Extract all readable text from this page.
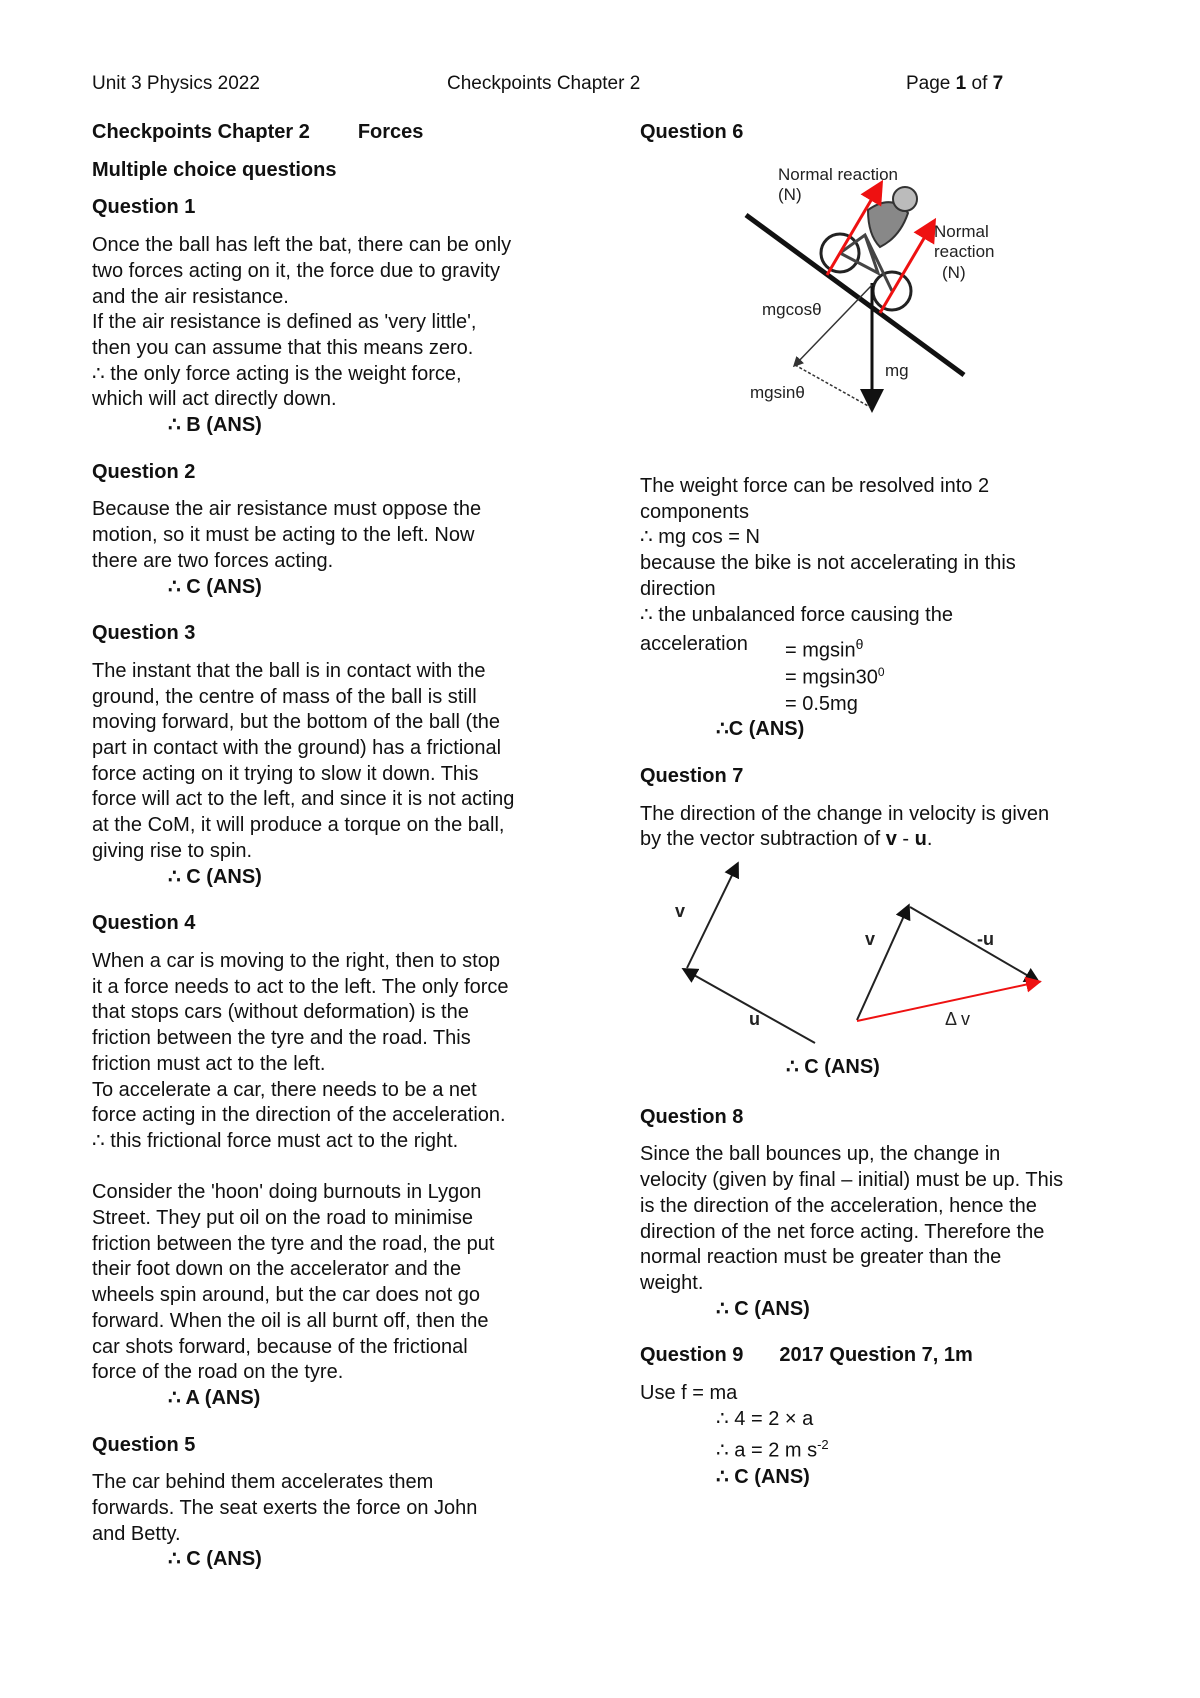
Unit 3 Physics 2022	Checkpoints Chapter 2	Page 1 of 7

Checkpoints Chapter 2 Forces

Multiple choice questions

Question 1

Once the ball has left the bat, there can be only

two forces acting on it, the force due to gravity

and the air resistance.

If the air resistance is defined as 'very little',

then you can assume that this means zero.

∴ the only force acting is the weight force,

which will act directly down.

∴ B (ANS)

Question 2

Because the air resistance must oppose the

motion, so it must be acting to the left. Now

there are two forces acting.

∴ C (ANS)

Question 3

The instant that the ball is in contact with the

ground, the centre of mass of the ball is still

moving forward, but the bottom of the ball (the

part in contact with the ground) has a frictional

force acting on it trying to slow it down. This

force will act to the left, and since it is not acting

at the CoM, it will produce a torque on the ball,

giving rise to spin.

∴ C (ANS)

Question 4

When a car is moving to the right, then to stop

it a force needs to act to the left. The only force

that stops cars (without deformation) is the

friction between the tyre and the road. This

friction must act to the left.

To accelerate a car, there needs to be a net

force acting in the direction of the acceleration.

∴ this frictional force must act to the right.

Consider the 'hoon' doing burnouts in Lygon

Street. They put oil on the road to minimise

friction between the tyre and the road, the put

their foot down on the accelerator and the

wheels spin around, but the car does not go

forward. When the oil is all burnt off, then the

car shots forward, because of the frictional

force of the road on the tyre.

∴ A (ANS)

Question 5

The car behind them accelerates them

forwards. The seat exerts the force on John

and Betty.

∴ C (ANS)

Question 6

Normal reaction
(N)
Normal
reaction
(N)
mgcosθ
mg
mgsinθ

The weight force can be resolved into 2

components

∴ mg cos = N

because the bike is not accelerating in this

direction

∴ the unbalanced force causing the

acceleration = mgsin$^\theta$

= $mgsin30^0$

= 0.5mg

∴C (ANS)

Question 7

The direction of the change in velocity is given

by the vector subtraction of v - u.

v
u
v	-u
Δ v

∴ C (ANS)

Question 8

Since the ball bounces up, the change in

velocity (given by final – initial) must be up. This

is the direction of the acceleration, hence the

direction of the net force acting. Therefore the

normal reaction must be greater than the

weight.

∴ C (ANS)

Question 9 2017 Question 7, 1m

Use f = ma

∴ 4 = 2 × a

∴ a = 2 m $s^{-2}$

∴ C (ANS)
